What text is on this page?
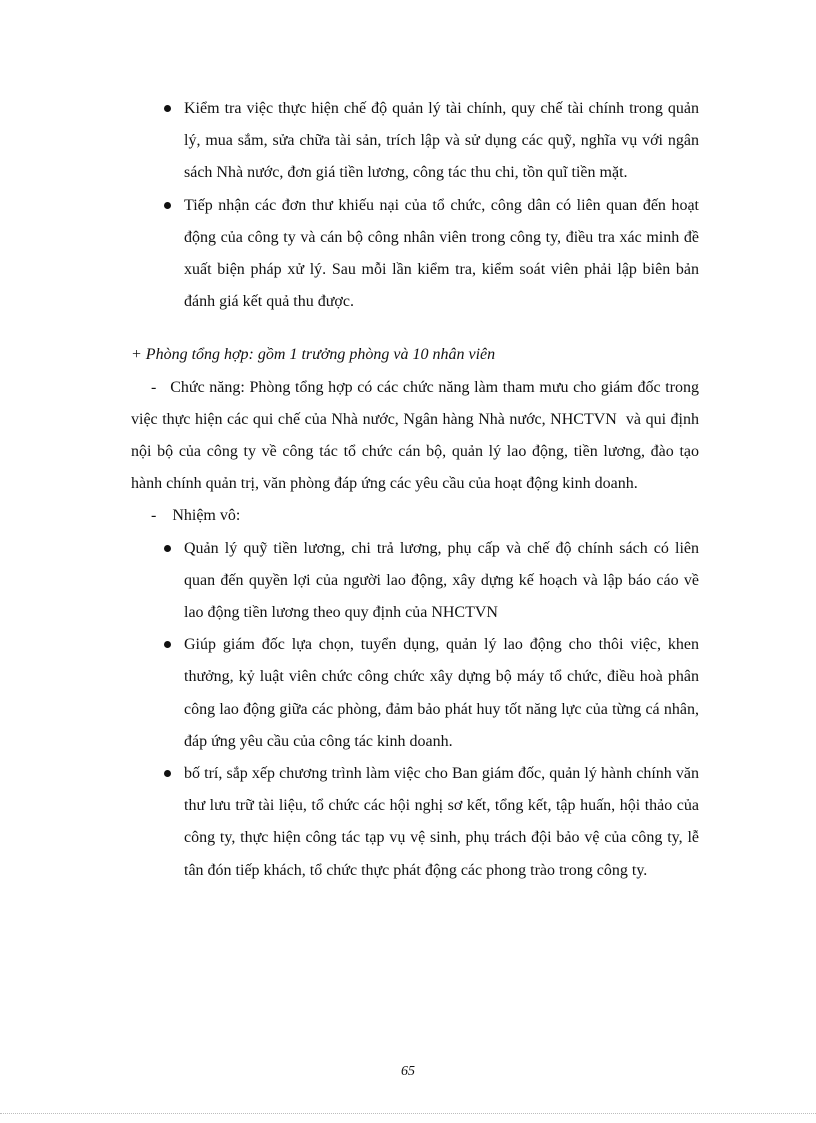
Kiểm tra việc thực hiện chế độ quản lý tài chính, quy chế tài chính trong quản lý, mua sắm, sửa chữa tài sản, trích lập và sử dụng các quỹ, nghĩa vụ với ngân sách Nhà nước, đơn giá tiền lương, công tác thu chi, tồn quĩ tiền mặt.

Tiếp nhận các đơn thư khiếu nại của tổ chức, công dân có liên quan đến hoạt động của công ty và cán bộ công nhân viên trong công ty, điều tra xác minh đề xuất biện pháp xử lý. Sau mỗi lần kiểm tra, kiểm soát viên phải lập biên bản đánh giá kết quả thu được.

+ Phòng tổng hợp: gồm 1 trưởng phòng và 10 nhân viên

-   Chức năng: Phòng tổng hợp có các chức năng làm tham mưu cho giám đốc trong việc thực hiện các qui chế của Nhà nước, Ngân hàng Nhà nước, NHCTVN  và qui định nội bộ của công ty về công tác tổ chức cán bộ, quản lý lao động, tiền lương, đào tạo hành chính quản trị, văn phòng đáp ứng các yêu cầu của hoạt động kinh doanh.

-    Nhiệm vô:

Quản lý quỹ tiền lương, chi trả lương, phụ cấp và chế độ chính sách có liên quan đến quyền lợi của người lao động, xây dựng kế hoạch và lập báo cáo về lao động tiền lương theo quy định của NHCTVN

Giúp giám đốc lựa chọn, tuyển dụng, quản lý lao động cho thôi việc, khen thưởng, kỷ luật viên chức công chức xây dựng bộ máy tổ chức, điều hoà phân công lao động giữa các phòng, đảm bảo phát huy tốt năng lực của từng cá nhân, đáp ứng yêu cầu của công tác kinh doanh.

bố trí, sắp xếp chương trình làm việc cho Ban giám đốc, quản lý hành chính văn thư lưu trữ tài liệu, tổ chức các hội nghị sơ kết, tổng kết, tập huấn, hội thảo của công ty, thực hiện công tác tạp vụ vệ sinh, phụ trách đội bảo vệ của công ty, lễ tân đón tiếp khách, tổ chức thực phát động các phong trào trong công ty.

65
